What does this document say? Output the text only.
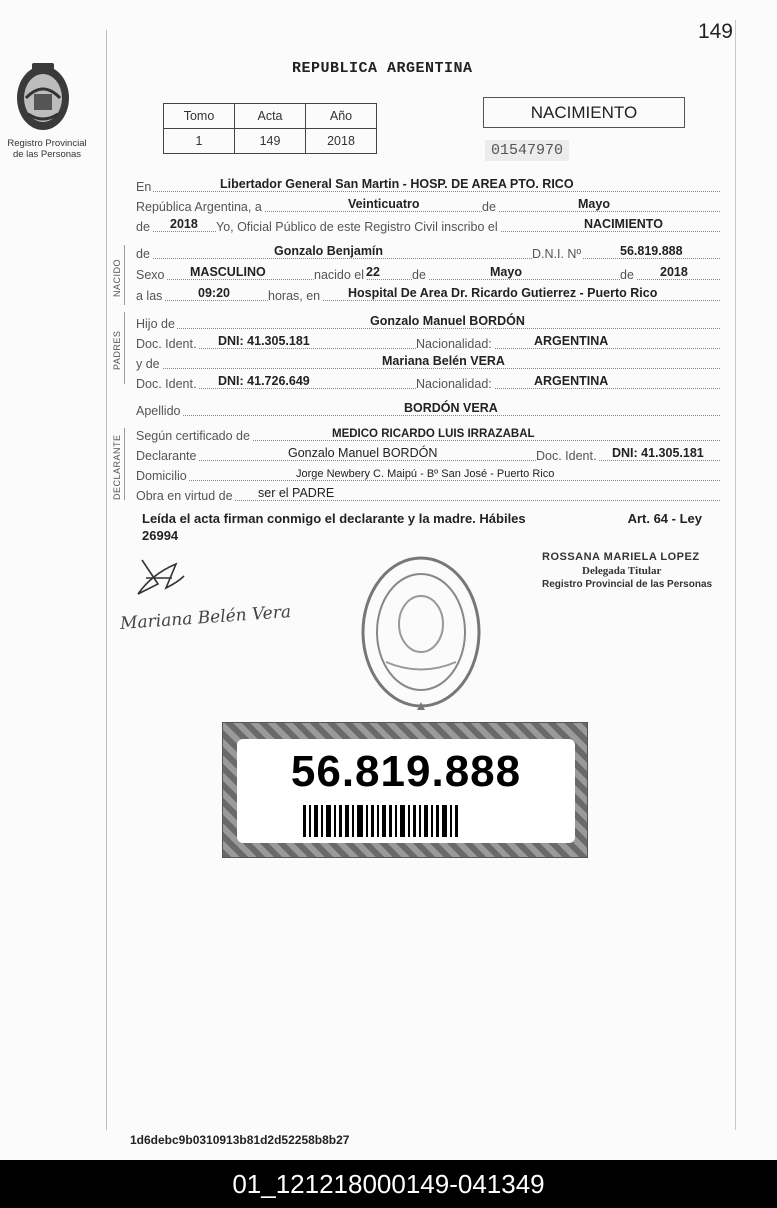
149
Registro Provincial
de las Personas
REPUBLICA ARGENTINA
Tomo	Acta	Año
1	149	2018
NACIMIENTO
01547970
En	Libertador General San Martin - HOSP. DE AREA PTO. RICO
República Argentina, a	Veinticuatro	de	Mayo
de 2018 Yo, Oficial Público de este Registro Civil inscribo el	NACIMIENTO
NACIDO
de	Gonzalo Benjamín	D.N.I. Nº	56.819.888
Sexo MASCULINO	nacido el 22	de	Mayo	de 2018
a las	09:20	horas, en Hospital De Area Dr. Ricardo Gutierrez - Puerto Rico
PADRES
Hijo de	Gonzalo Manuel BORDÓN
Doc. Ident. DNI: 41.305.181	Nacionalidad:	ARGENTINA
y de	Mariana Belén VERA
Doc. Ident. DNI: 41.726.649	Nacionalidad:	ARGENTINA
Apellido	BORDÓN VERA
DECLARANTE Según certificado de	MEDICO RICARDO LUIS IRRAZABAL
Declarante	Gonzalo Manuel BORDÓN	Doc. Ident. DNI: 41.305.181
Domicilio	Jorge Newbery C. Maipú - Bº San José - Puerto Rico
Obra en virtud de ser el PADRE
Leída el acta firman conmigo el declarante y la madre. Hábiles	Art. 64 - Ley
26994
Mariana Belén Vera
ROSSANA MARIELA LOPEZ
Delegada Titular
Registro Provincial de las Personas
56.819.888
1d6debc9b0310913b81d2d52258b8b27
01_121218000149-041349
